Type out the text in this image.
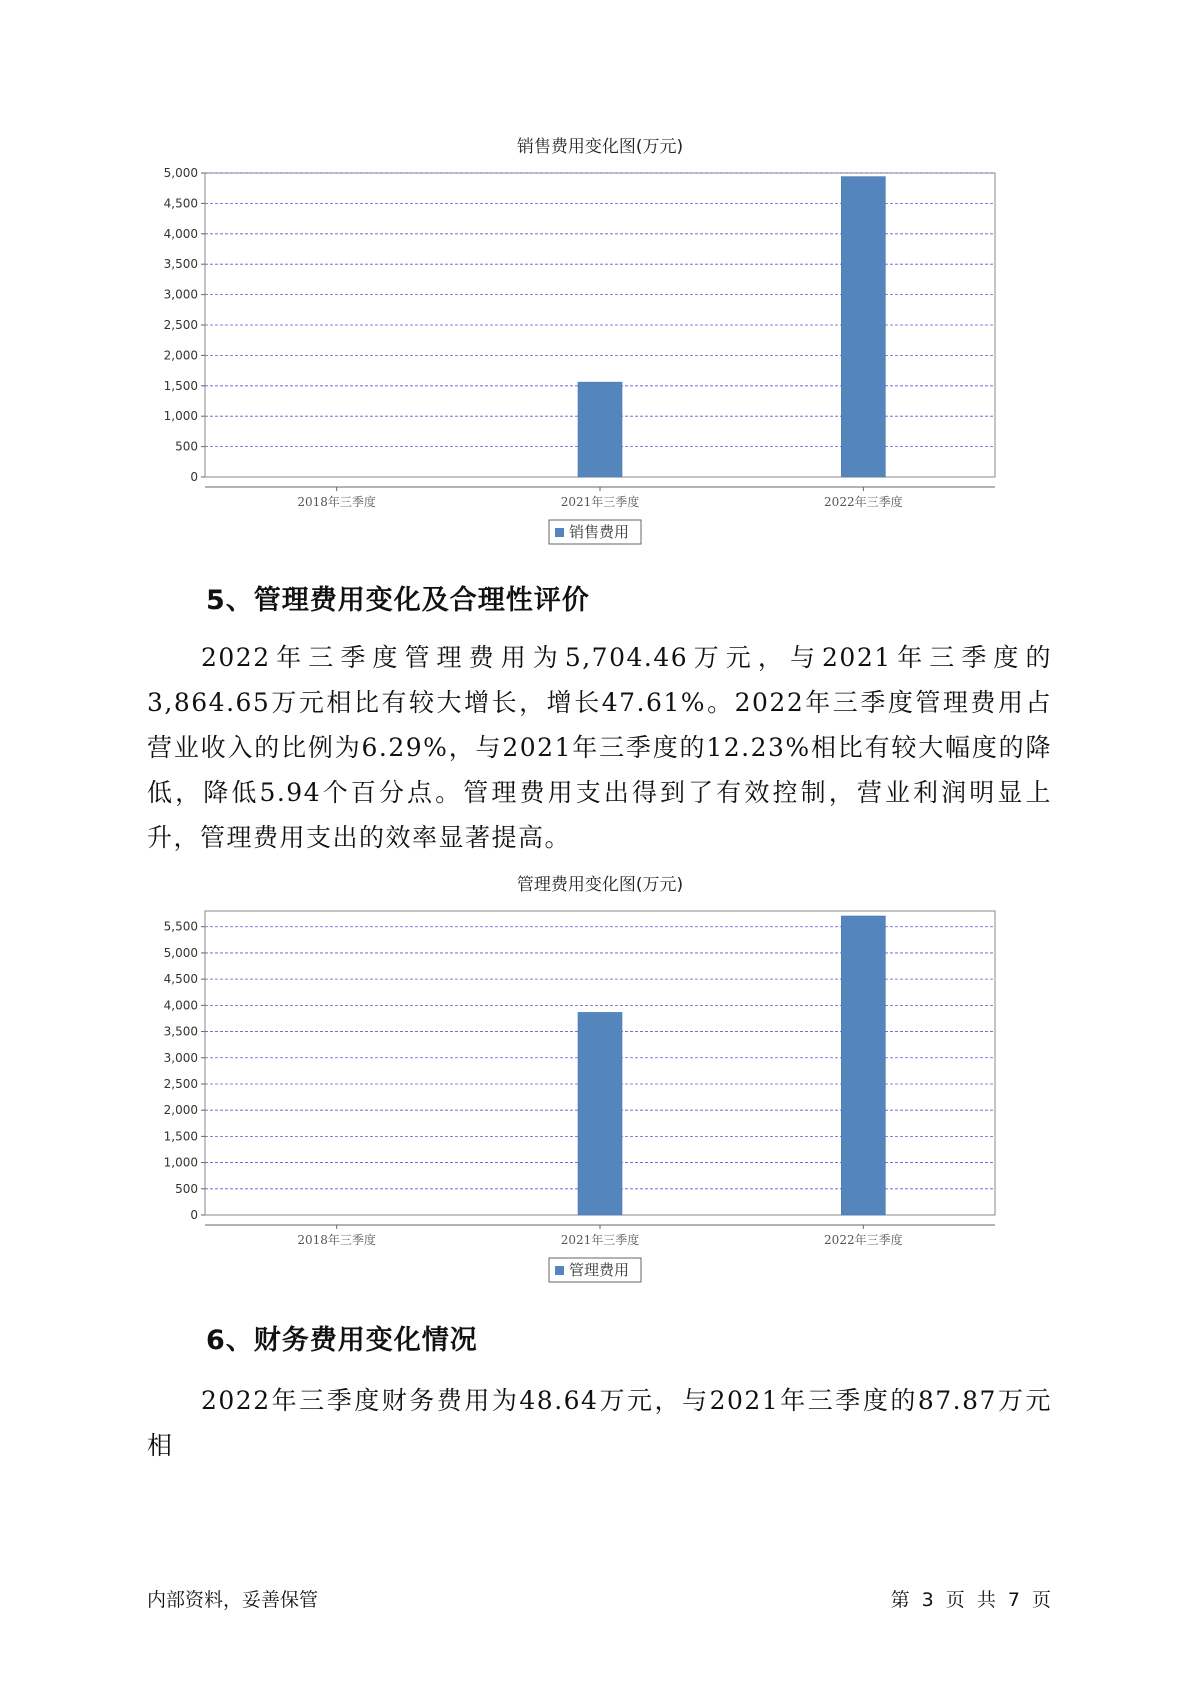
销售费用变化图(万元)
0
500
1,000
1,500
2,000
2,500
3,000
3,500
4,000
4,500
5,000
2018年三季度	2021年三季度	2022年三季度
销售费用
5、管理费用变化及合理性评价

2022年三季度管理费用为5,704.46万元，与2021年三季度的3,864.65万元相比有较大增长，增长47.61%。2022年三季度管理费用占营业收入的比例为6.29%，与2021年三季度的12.23%相比有较大幅度的降低，降低5.94个百分点。管理费用支出得到了有效控制，营业利润明显上升，管理费用支出的效率显著提高。

管理费用变化图(万元)
0
500
1,000
1,500
2,000
2,500
3,000
3,500
4,000
4,500
5,000
5,500
2018年三季度	2021年三季度	2022年三季度
管理费用
6、财务费用变化情况

2022年三季度财务费用为48.64万元，与2021年三季度的87.87万元相

内部资料，妥善保管	第 3 页 共 7 页
